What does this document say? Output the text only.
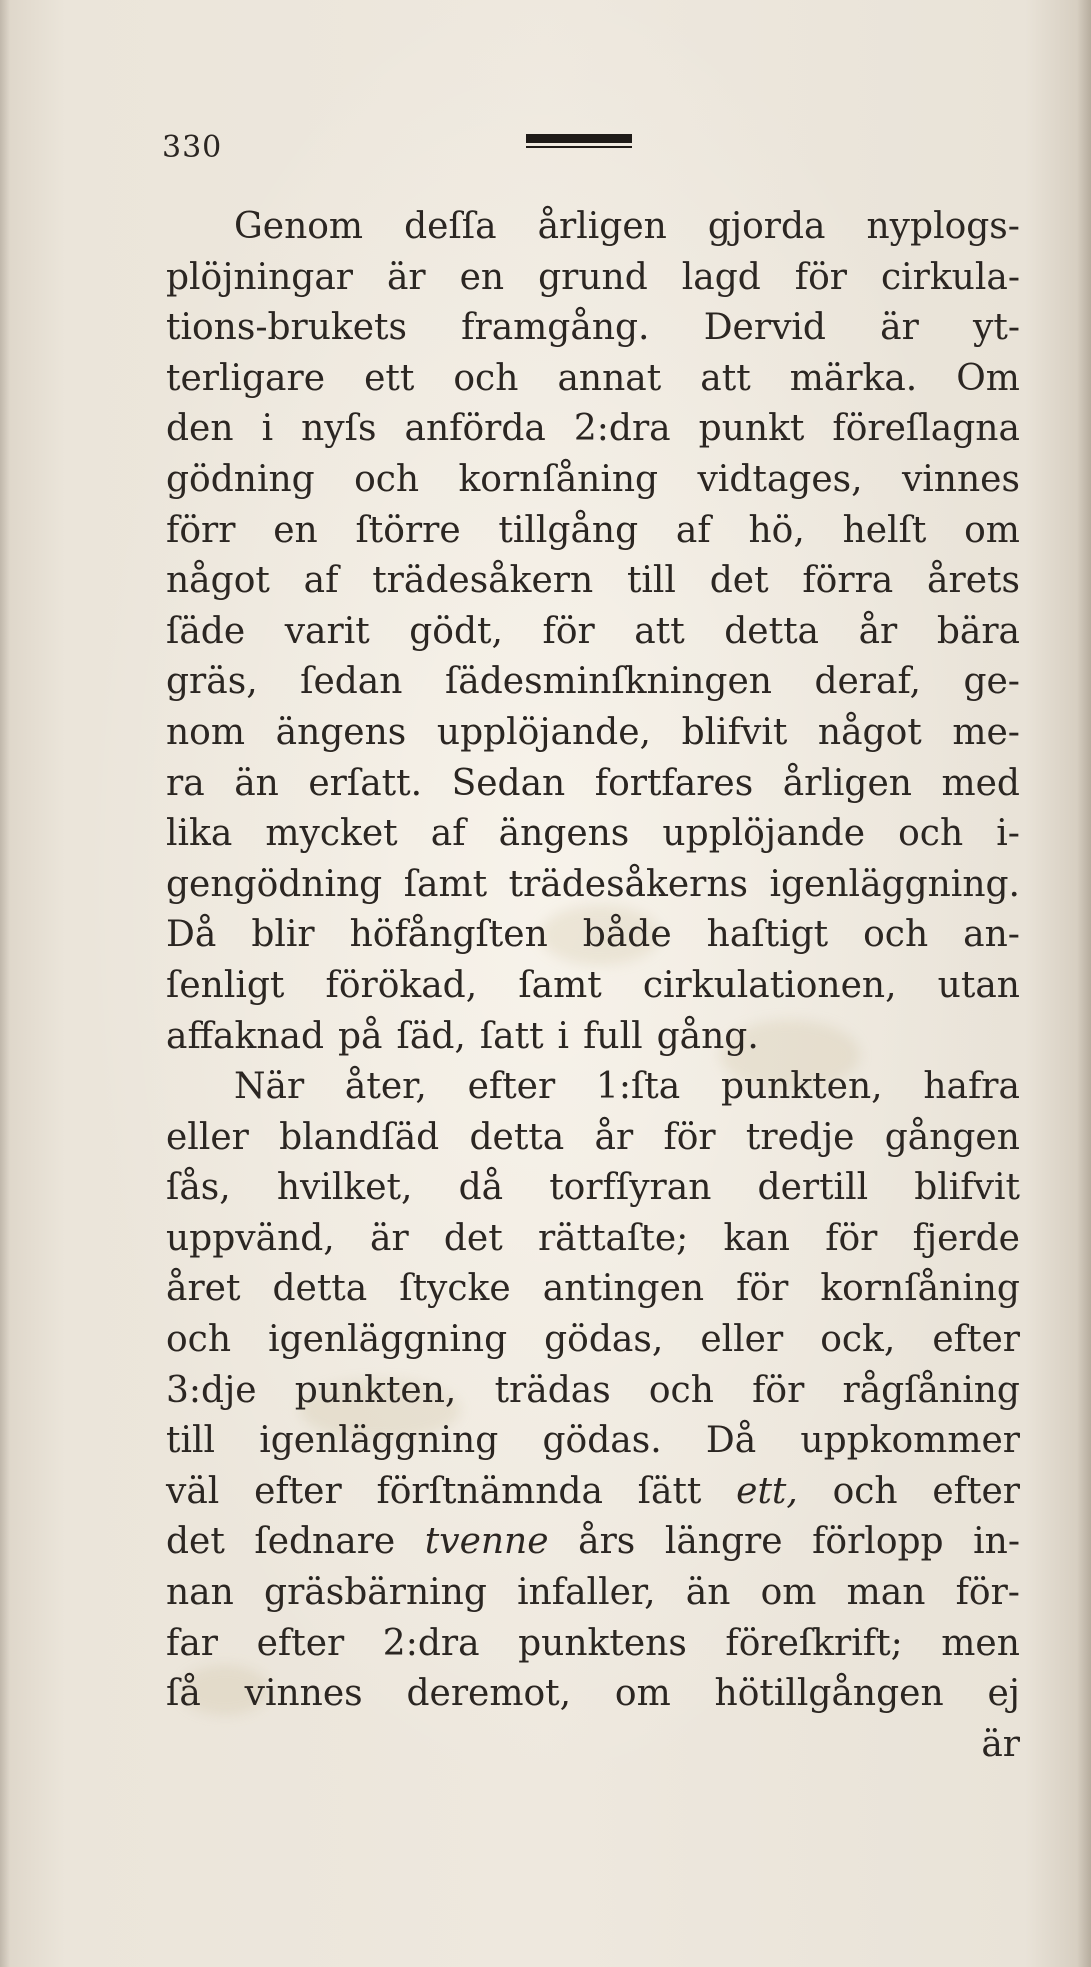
330
Genom deſſa årligen gjorda nyplogs-
plöjningar är en grund lagd för cirkula-
tions-brukets framgång. Dervid är yt-
terligare ett och annat att märka. Om
den i nyſs anförda 2:dra punkt föreſlagna
gödning och kornſåning vidtages, vinnes
förr en ſtörre tillgång af hö, helſt om
något af trädesåkern till det förra årets
ſäde varit gödt, för att detta år bära
gräs, ſedan ſädesminſkningen deraf, ge-
nom ängens upplöjande, blifvit något me-
ra än erſatt. Sedan fortfares årligen med
lika mycket af ängens upplöjande och i-
gengödning ſamt trädesåkerns igenläggning.
Då blir höfångſten både haſtigt och an-
ſenligt förökad, ſamt cirkulationen, utan
affaknad på ſäd, ſatt i full gång.
När åter, efter 1:ſta punkten, hafra
eller blandſäd detta år för tredje gången
ſås, hvilket, då torfſyran dertill blifvit
uppvänd, är det rättaſte; kan för fjerde
året detta ſtycke antingen för kornſåning
och igenläggning gödas, eller ock, efter
3:dje punkten, trädas och för rågſåning
till igenläggning gödas. Då uppkommer
väl efter förſtnämnda ſätt ett, och efter
det ſednare tvenne års längre förlopp in-
nan gräsbärning infaller, än om man för-
far efter 2:dra punktens föreſkrift; men
ſå vinnes deremot, om hötillgången ej
är
